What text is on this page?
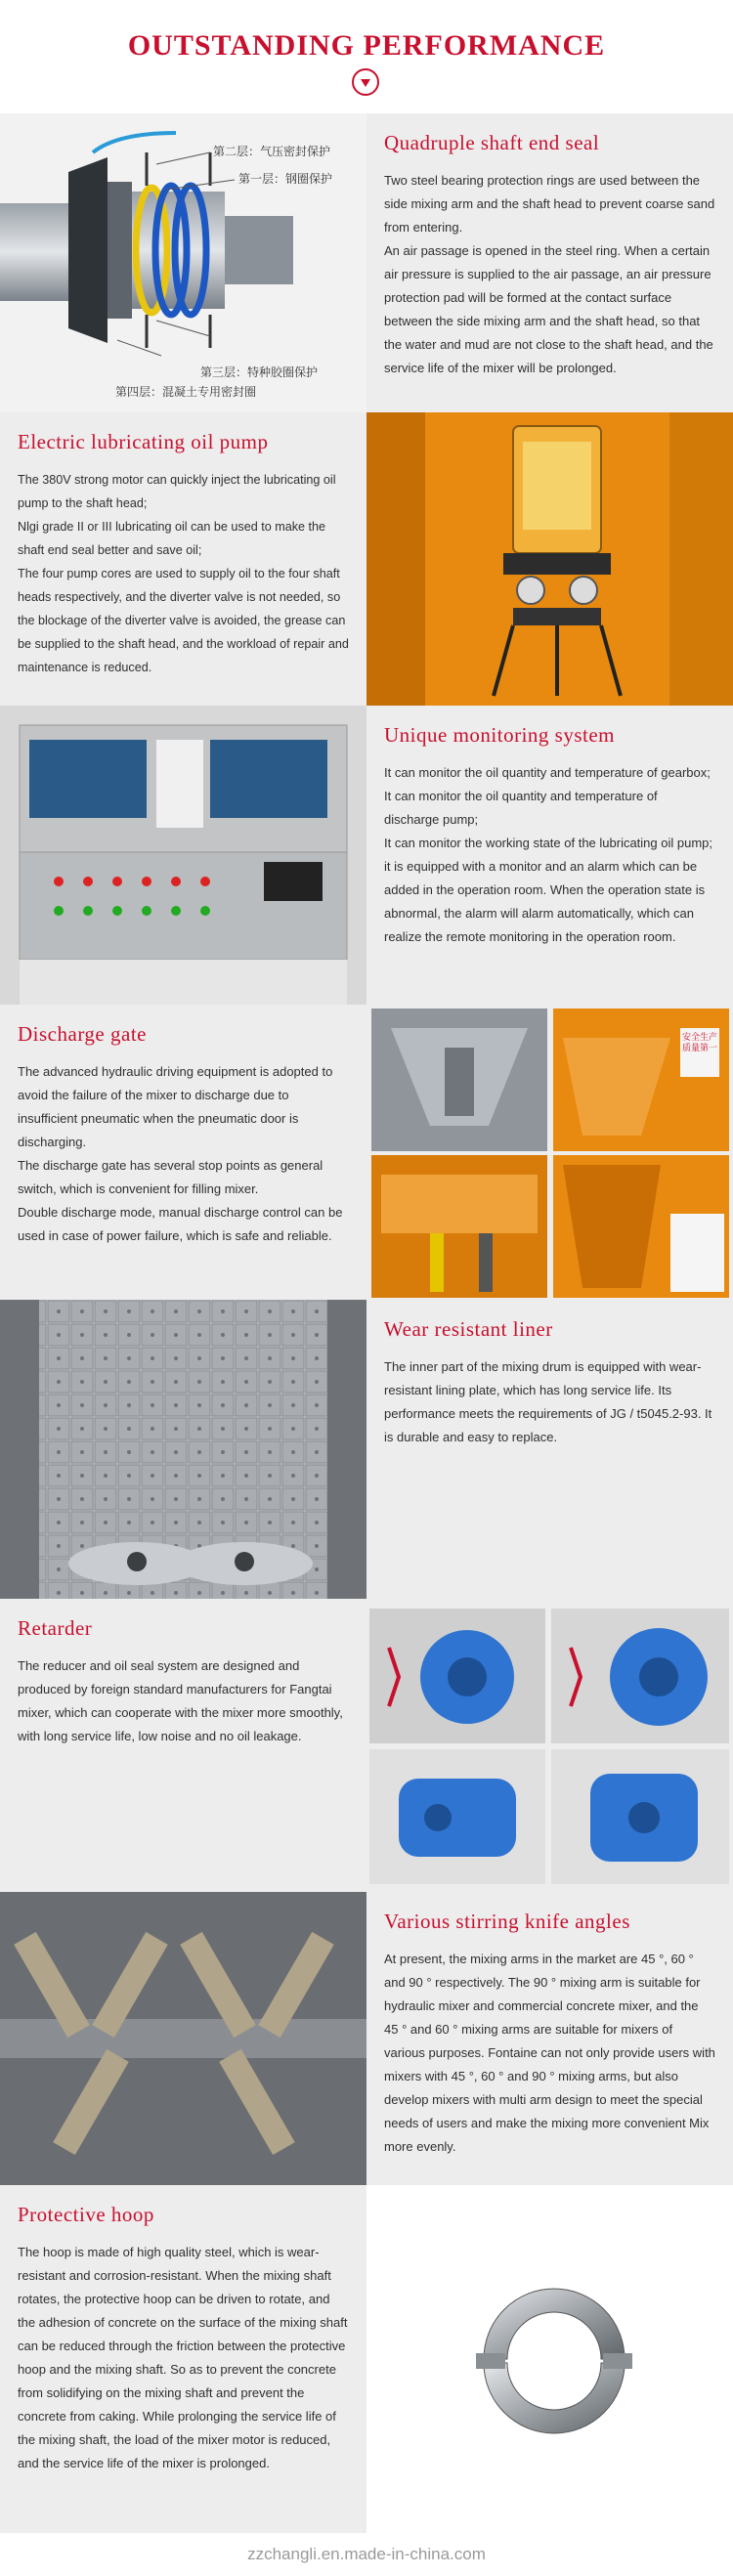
OUTSTANDING PERFORMANCE
第二层：气压密封保护
第一层：钢圈保护
第三层：特种胶圈保护
第四层：混凝土专用密封圈
Quadruple shaft end seal
Two steel bearing protection rings are used between the side mixing arm and the shaft head to prevent coarse sand from entering.
An air passage is opened in the steel ring. When a certain air pressure is supplied to the air passage, an air pressure protection pad will be formed at the contact surface between the side mixing arm and the shaft head, so that the water and mud are not close to the shaft head, and the service life of the mixer will be prolonged.
Electric lubricating oil pump
The 380V strong motor can quickly inject the lubricating oil pump to the shaft head;
Nlgi grade II or III lubricating oil can be used to make the shaft end seal better and save oil;
The four pump cores are used to supply oil to the four shaft heads respectively, and the diverter valve is not needed, so the blockage of the diverter valve is avoided, the grease can be supplied to the shaft head, and the workload of repair and maintenance is reduced.
Unique monitoring system
It can monitor the oil quantity and temperature of gearbox;
It can monitor the oil quantity and temperature of discharge pump;
It can monitor the working state of the lubricating oil pump; it is equipped with a monitor and an alarm which can be added in the operation room. When the operation state is abnormal, the alarm will alarm automatically, which can realize the remote monitoring in the operation room.
Discharge gate
The advanced hydraulic driving equipment is adopted to avoid the failure of the mixer to discharge due to insufficient pneumatic when the pneumatic door is discharging.
The discharge gate has several stop points as general switch, which is convenient for filling mixer.
Double discharge mode, manual discharge control can be used in case of power failure, which is safe and reliable.
安全生产 质量第一
Wear resistant liner
The inner part of the mixing drum is equipped with wear-resistant lining plate, which has long service life. Its performance meets the requirements of JG / t5045.2-93. It is durable and easy to replace.
Retarder
The reducer and oil seal system are designed and produced by foreign standard manufacturers for Fangtai mixer, which can cooperate with the mixer more smoothly, with long service life, low noise and no oil leakage.
Various stirring knife angles
At present, the mixing arms in the market are 45 °, 60 ° and 90 ° respectively. The 90 ° mixing arm is suitable for hydraulic mixer and commercial concrete mixer, and the 45 ° and 60 ° mixing arms are suitable for mixers of various purposes. Fontaine can not only provide users with mixers with 45 °, 60 ° and 90 ° mixing arms, but also develop mixers with multi arm design to meet the special needs of users and make the mixing more convenient Mix more evenly.
Protective hoop
The hoop is made of high quality steel, which is wear-resistant and corrosion-resistant. When the mixing shaft rotates, the protective hoop can be driven to rotate, and the adhesion of concrete on the surface of the mixing shaft can be reduced through the friction between the protective hoop and the mixing shaft. So as to prevent the concrete from solidifying on the mixing shaft and prevent the concrete from caking. While prolonging the service life of the mixing shaft, the load of the mixer motor is reduced, and the service life of the mixer is prolonged.
zzchangli.en.made-in-china.com
